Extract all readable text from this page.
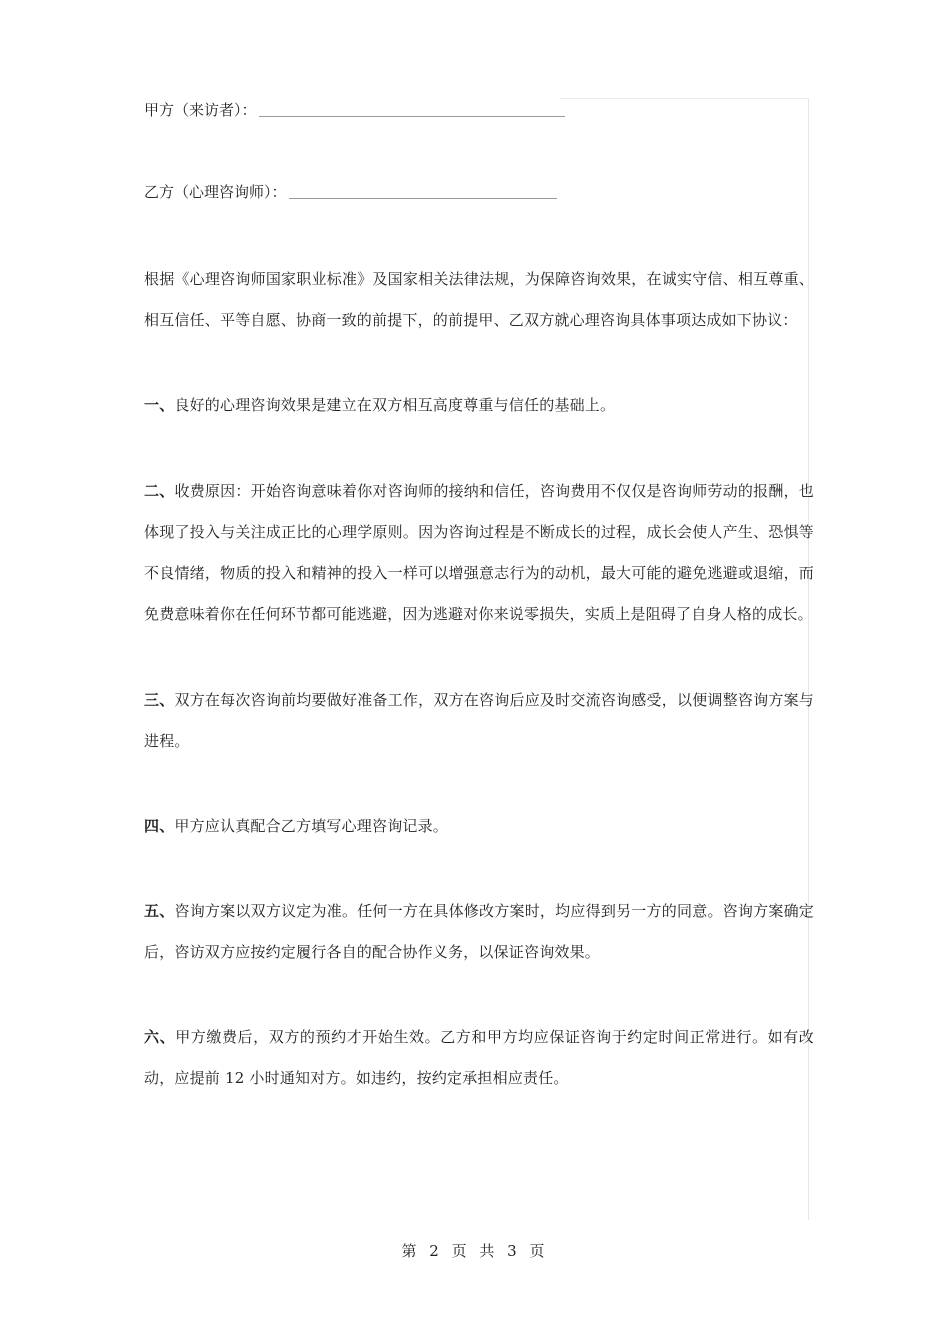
甲方（来访者）：
乙方（心理咨询师）：

根据《心理咨询师国家职业标准》及国家相关法律法规，为保障咨询效果，在诚实守信、相互尊重、相互信任、平等自愿、协商一致的前提下，的前提甲、乙双方就心理咨询具体事项达成如下协议：

一、良好的心理咨询效果是建立在双方相互高度尊重与信任的基础上。

二、收费原因：开始咨询意味着你对咨询师的接纳和信任，咨询费用不仅仅是咨询师劳动的报酬，也体现了投入与关注成正比的心理学原则。因为咨询过程是不断成长的过程，成长会使人产生、恐惧等不良情绪，物质的投入和精神的投入一样可以增强意志行为的动机，最大可能的避免逃避或退缩，而免费意味着你在任何环节都可能逃避，因为逃避对你来说零损失，实质上是阻碍了自身人格的成长。

三、双方在每次咨询前均要做好准备工作，双方在咨询后应及时交流咨询感受，以便调整咨询方案与进程。

四、甲方应认真配合乙方填写心理咨询记录。

五、咨询方案以双方议定为准。任何一方在具体修改方案时，均应得到另一方的同意。咨询方案确定后，咨访双方应按约定履行各自的配合协作义务，以保证咨询效果。

六、甲方缴费后，双方的预约才开始生效。乙方和甲方均应保证咨询于约定时间正常进行。如有改动，应提前 12 小时通知对方。如违约，按约定承担相应责任。

第 2 页 共 3 页
